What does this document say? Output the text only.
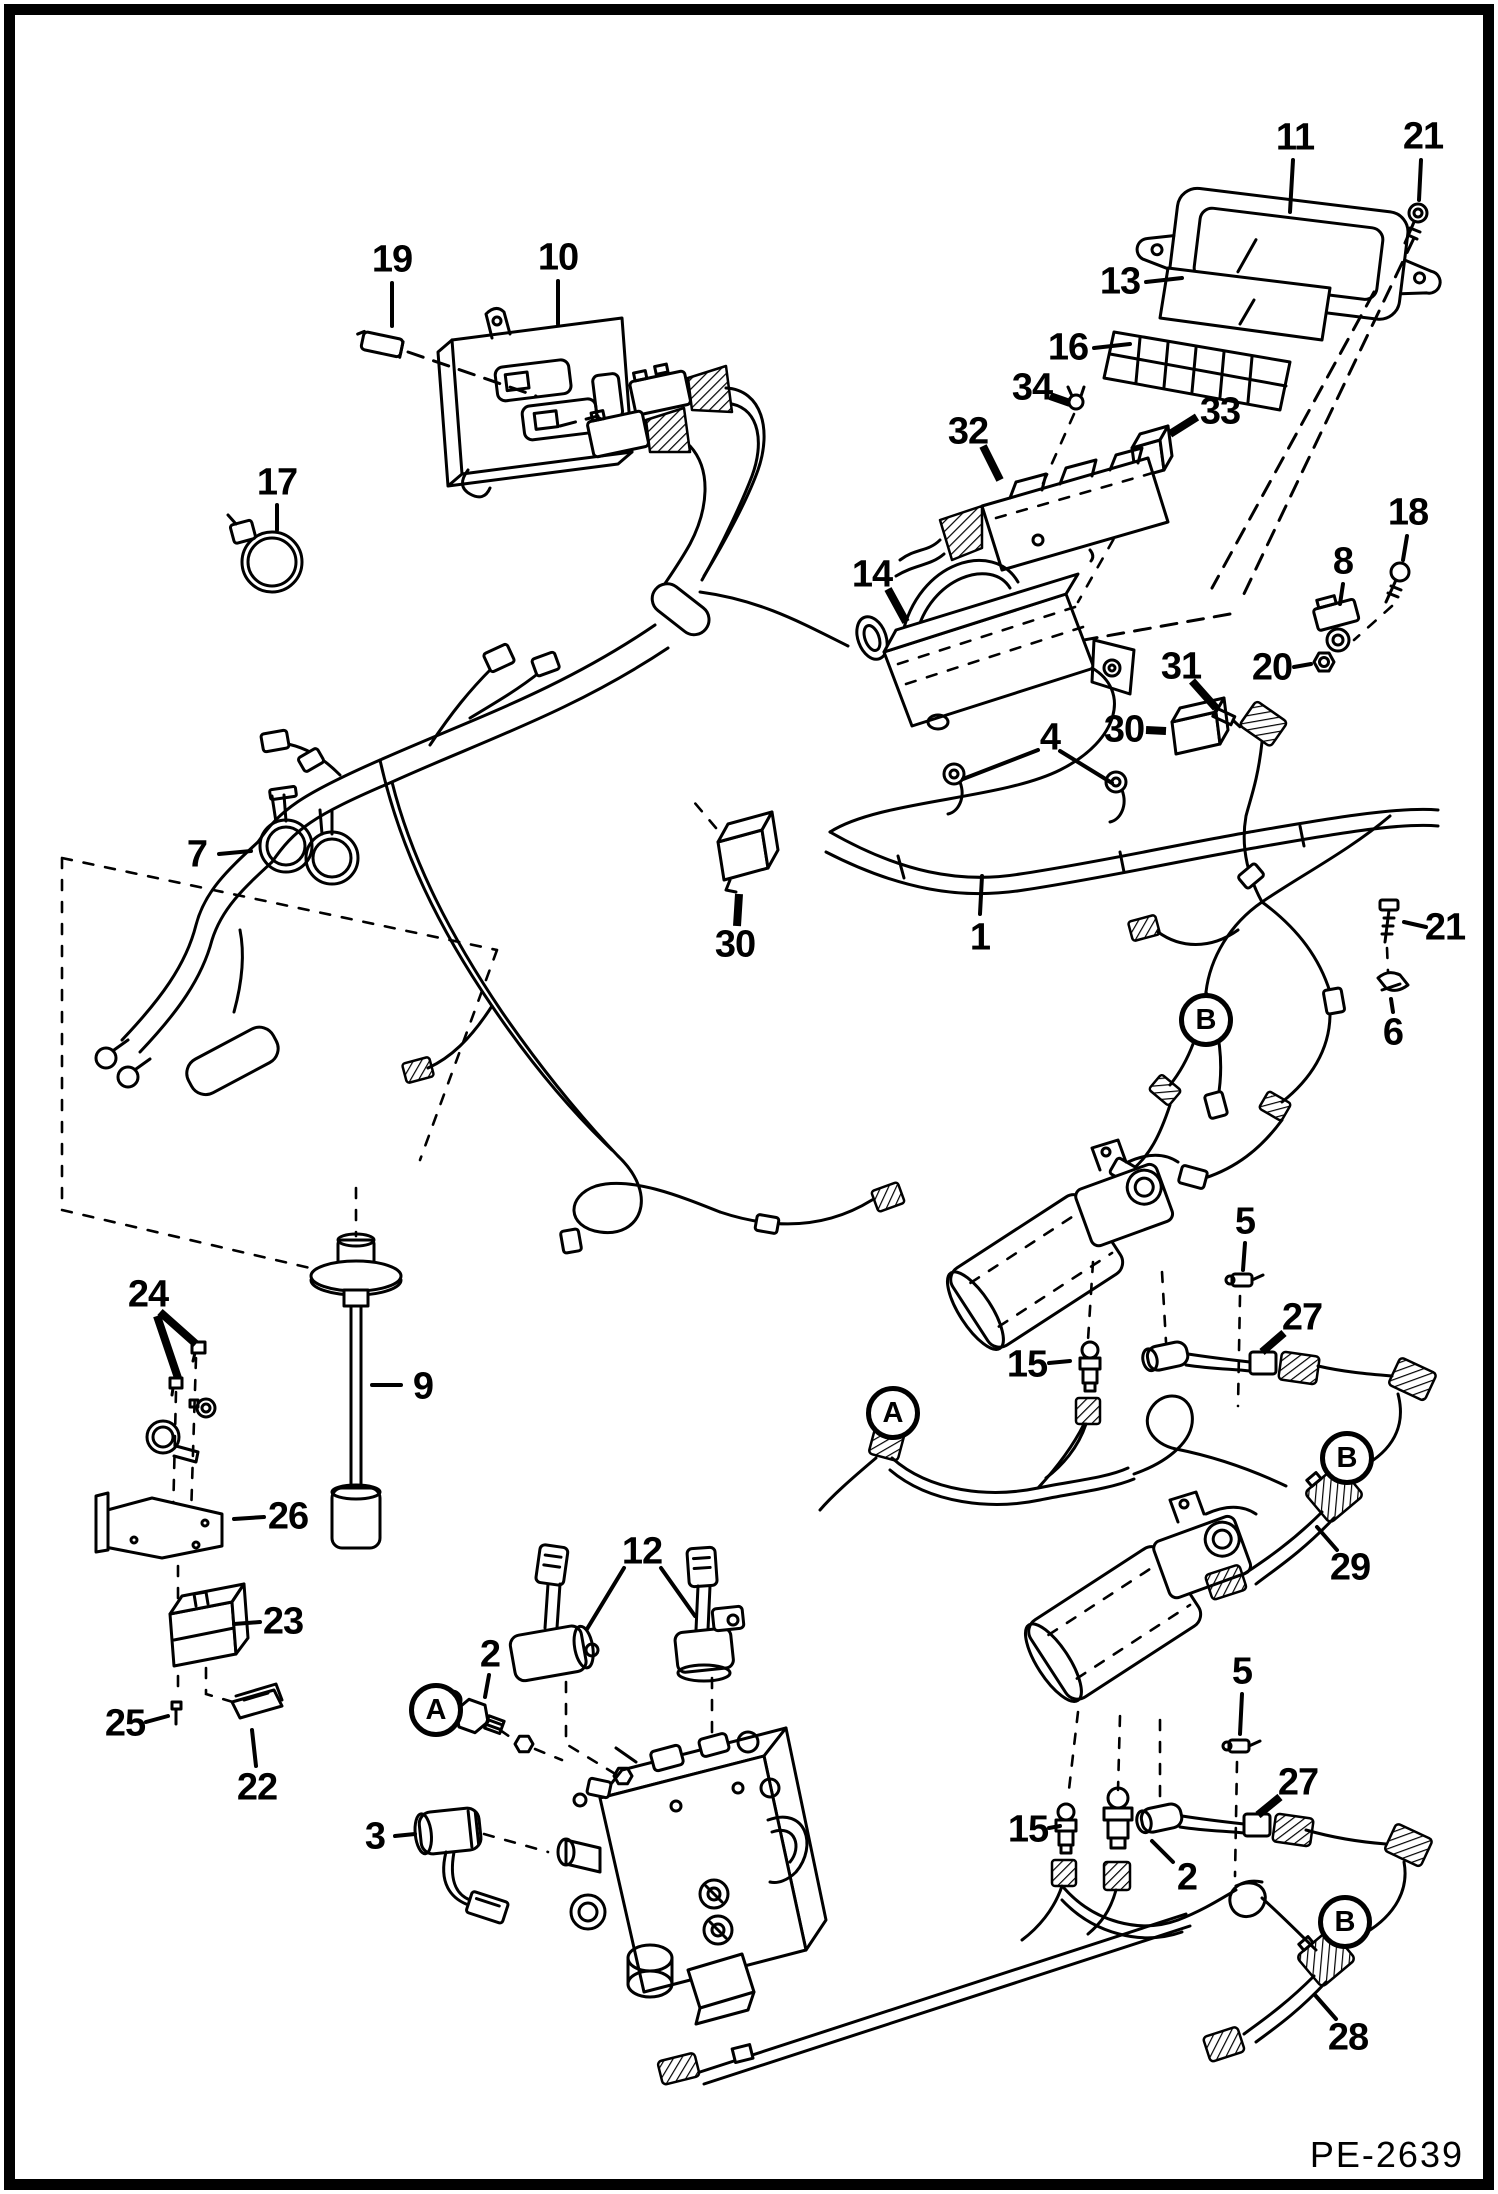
19	10
11 21
13
16
34
33
32
17
18
8
14
31 20
30
4
7
21
1
30
6
5
24
27
15
9
26
12	29
23
2	5
25
27
22
15
3
2
28
B
A
B
A
B
PE-2639
